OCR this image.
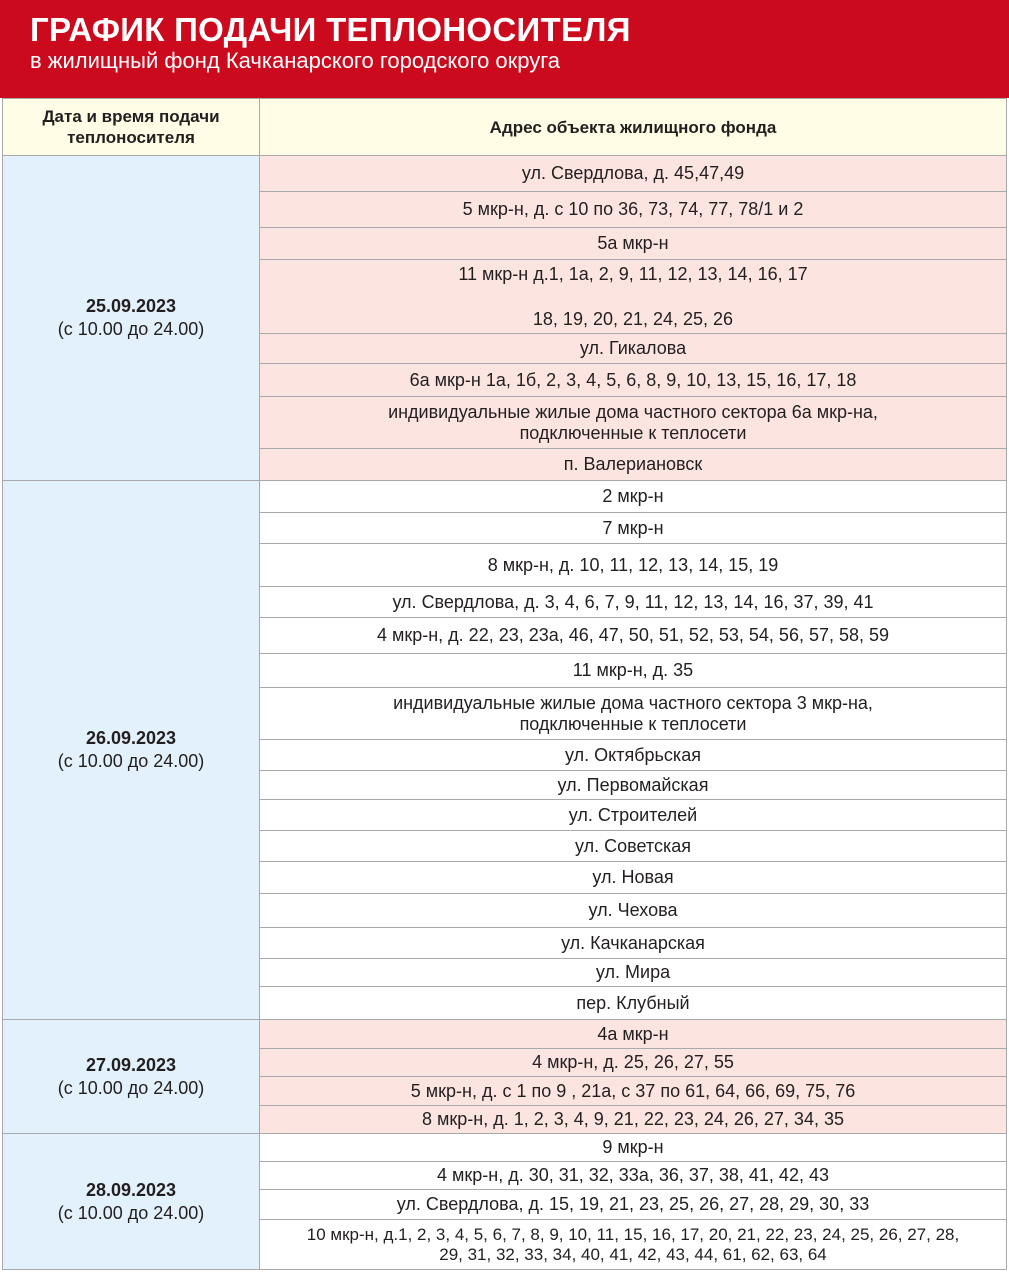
ГРАФИК ПОДАЧИ ТЕПЛОНОСИТЕЛЯ
в жилищный фонд Качканарского городского округа
Дата и время подачи
теплоносителя	Адрес объекта жилищного фонда

25.09.2023
(с 10.00 до 24.00)	ул. Свердлова, д. 45,47,49
	5 мкр-н, д. с 10 по 36, 73, 74, 77, 78/1 и 2
	5а мкр-н

	11 мкр-н д.1, 1а, 2, 9, 11, 12, 13, 14, 16, 17
18, 19, 20, 21, 24, 25, 26

	ул. Гикалова
	6а мкр-н 1а, 1б, 2, 3, 4, 5, 6, 8, 9, 10, 13, 15, 16, 17, 18

	индивидуальные жилые дома частного сектора 6а мкр-на,
подключенные к теплосети

	п. Валериановск

26.09.2023
(с 10.00 до 24.00)	2 мкр-н
	7 мкр-н
	8 мкр-н, д. 10, 11, 12, 13, 14, 15, 19
	ул. Свердлова, д. 3, 4, 6, 7, 9, 11, 12, 13, 14, 16, 37, 39, 41
	4 мкр-н, д. 22, 23, 23а, 46, 47, 50, 51, 52, 53, 54, 56, 57, 58, 59
	11 мкр-н, д. 35

	индивидуальные жилые дома частного сектора 3 мкр-на,
подключенные к теплосети

	ул. Октябрьская
	ул. Первомайская
	ул. Строителей
	ул. Советская
	ул. Новая
	ул. Чехова
	ул. Качканарская
	ул. Мира
	пер. Клубный

27.09.2023
(с 10.00 до 24.00)	4а мкр-н
	4 мкр-н, д. 25, 26, 27, 55
	5 мкр-н, д. с 1 по 9 , 21а, с 37 по 61, 64, 66, 69, 75, 76
	8 мкр-н, д. 1, 2, 3, 4, 9, 21, 22, 23, 24, 26, 27, 34, 35

28.09.2023
(с 10.00 до 24.00)	9 мкр-н
	4 мкр-н, д. 30, 31, 32, 33а, 36, 37, 38, 41, 42, 43
	ул. Свердлова, д. 15, 19, 21, 23, 25, 26, 27, 28, 29, 30, 33

	10 мкр-н, д.1, 2, 3, 4, 5, 6, 7, 8, 9, 10, 11, 15, 16, 17, 20, 21, 22, 23, 24, 25, 26, 27, 28,
29, 31, 32, 33, 34, 40, 41, 42, 43, 44, 61, 62, 63, 64
